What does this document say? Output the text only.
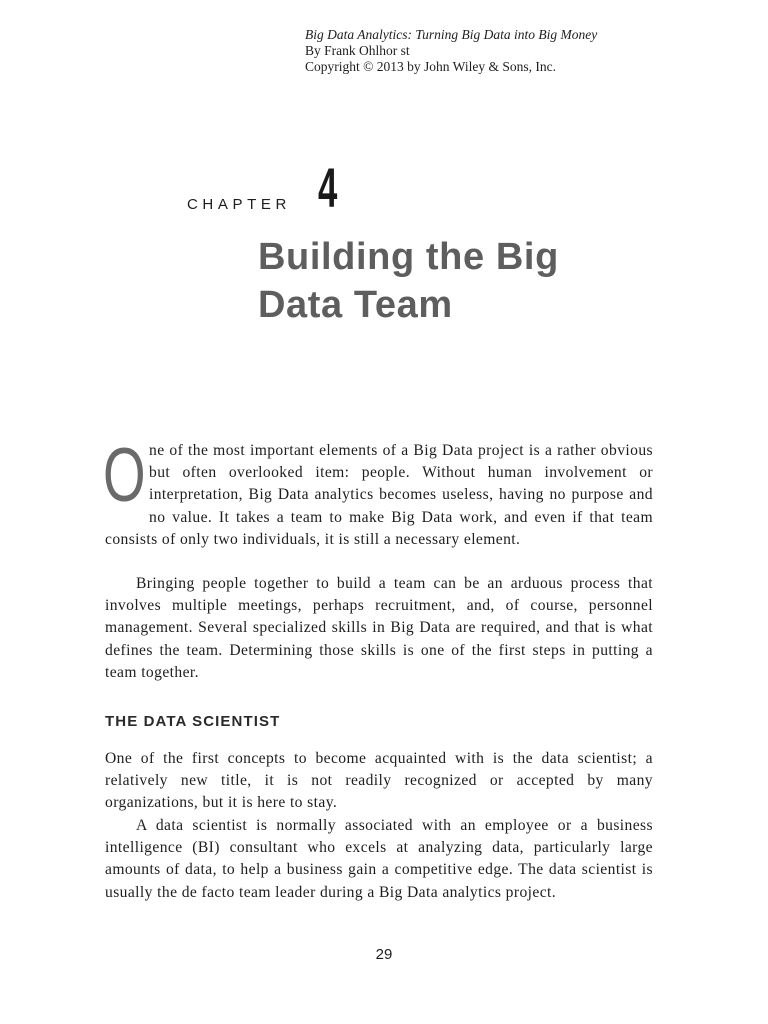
Big Data Analytics: Turning Big Data into Big Money
By Frank Ohlhor st
Copyright © 2013 by John Wiley & Sons, Inc.
CHAPTER 4
Building the Big
Data Team
One of the most important elements of a Big Data project is a rather obvious but often overlooked item: people. Without human involvement or interpretation, Big Data analytics becomes useless, having no purpose and no value. It takes a team to make Big Data work, and even if that team consists of only two individuals, it is still a necessary element.
Bringing people together to build a team can be an arduous process that involves multiple meetings, perhaps recruitment, and, of course, personnel management. Several specialized skills in Big Data are required, and that is what defines the team. Determining those skills is one of the first steps in putting a team together.
THE DATA SCIENTIST
One of the first concepts to become acquainted with is the data scientist; a relatively new title, it is not readily recognized or accepted by many organizations, but it is here to stay.
A data scientist is normally associated with an employee or a business intelligence (BI) consultant who excels at analyzing data, particularly large amounts of data, to help a business gain a competitive edge. The data scientist is usually the de facto team leader during a Big Data analytics project.
29
